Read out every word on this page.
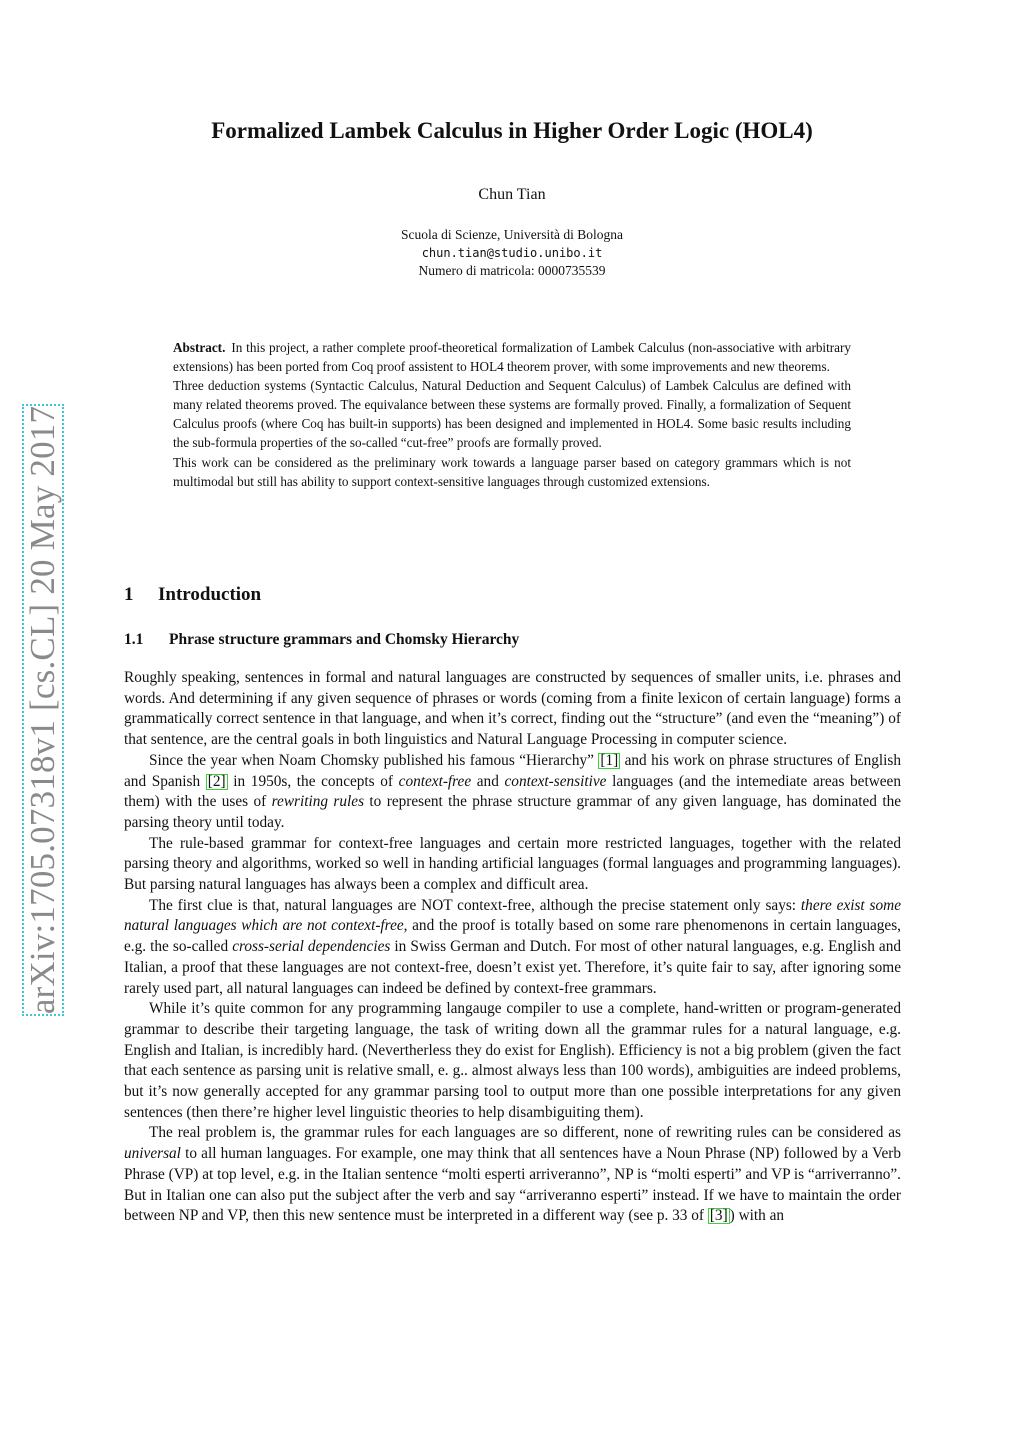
arXiv:1705.07318v1 [cs.CL] 20 May 2017
Formalized Lambek Calculus in Higher Order Logic (HOL4)
Chun Tian
Scuola di Scienze, Università di Bologna
chun.tian@studio.unibo.it
Numero di matricola: 0000735539

Abstract. In this project, a rather complete proof-theoretical formalization of Lambek Calculus (non-associative with arbitrary extensions) has been ported from Coq proof assistent to HOL4 theorem prover, with some improvements and new theorems.

Three deduction systems (Syntactic Calculus, Natural Deduction and Sequent Calculus) of Lambek Calculus are defined with many related theorems proved. The equivalance between these systems are formally proved. Finally, a formalization of Sequent Calculus proofs (where Coq has built-in supports) has been designed and implemented in HOL4. Some basic results including the sub-formula properties of the so-called “cut-free” proofs are formally proved.

This work can be considered as the preliminary work towards a language parser based on category grammars which is not multimodal but still has ability to support context-sensitive languages through customized extensions.

1 Introduction
1.1 Phrase structure grammars and Chomsky Hierarchy

Roughly speaking, sentences in formal and natural languages are constructed by sequences of smaller units, i.e. phrases and words. And determining if any given sequence of phrases or words (coming from a finite lexicon of certain language) forms a grammatically correct sentence in that language, and when it’s correct, finding out the “structure” (and even the “meaning”) of that sentence, are the central goals in both linguistics and Natural Language Processing in computer science.

Since the year when Noam Chomsky published his famous “Hierarchy” [1] and his work on phrase structures of English and Spanish [2] in 1950s, the concepts of context-free and context-sensitive languages (and the intemediate areas between them) with the uses of rewriting rules to represent the phrase structure grammar of any given language, has dominated the parsing theory until today.

The rule-based grammar for context-free languages and certain more restricted languages, together with the related parsing theory and algorithms, worked so well in handing artificial languages (formal languages and programming languages). But parsing natural languages has always been a complex and difficult area.

The first clue is that, natural languages are NOT context-free, although the precise statement only says: there exist some natural languages which are not context-free, and the proof is totally based on some rare phenomenons in certain languages, e.g. the so-called cross-serial dependencies in Swiss German and Dutch. For most of other natural languages, e.g. English and Italian, a proof that these languages are not context-free, doesn’t exist yet. Therefore, it’s quite fair to say, after ignoring some rarely used part, all natural languages can indeed be defined by context-free grammars.

While it’s quite common for any programming langauge compiler to use a complete, hand-written or program-generated grammar to describe their targeting language, the task of writing down all the grammar rules for a natural language, e.g. English and Italian, is incredibly hard. (Nevertherless they do exist for English). Efficiency is not a big problem (given the fact that each sentence as parsing unit is relative small, e. g.. almost always less than 100 words), ambiguities are indeed problems, but it’s now generally accepted for any grammar parsing tool to output more than one possible interpretations for any given sentences (then there’re higher level linguistic theories to help disambiguiting them).

The real problem is, the grammar rules for each languages are so different, none of rewriting rules can be considered as universal to all human languages. For example, one may think that all sentences have a Noun Phrase (NP) followed by a Verb Phrase (VP) at top level, e.g. in the Italian sentence “molti esperti arriveranno”, NP is “molti esperti” and VP is “arriverranno”. But in Italian one can also put the subject after the verb and say “arriveranno esperti” instead. If we have to maintain the order between NP and VP, then this new sentence must be interpreted in a different way (see p. 33 of [3] ) with an
